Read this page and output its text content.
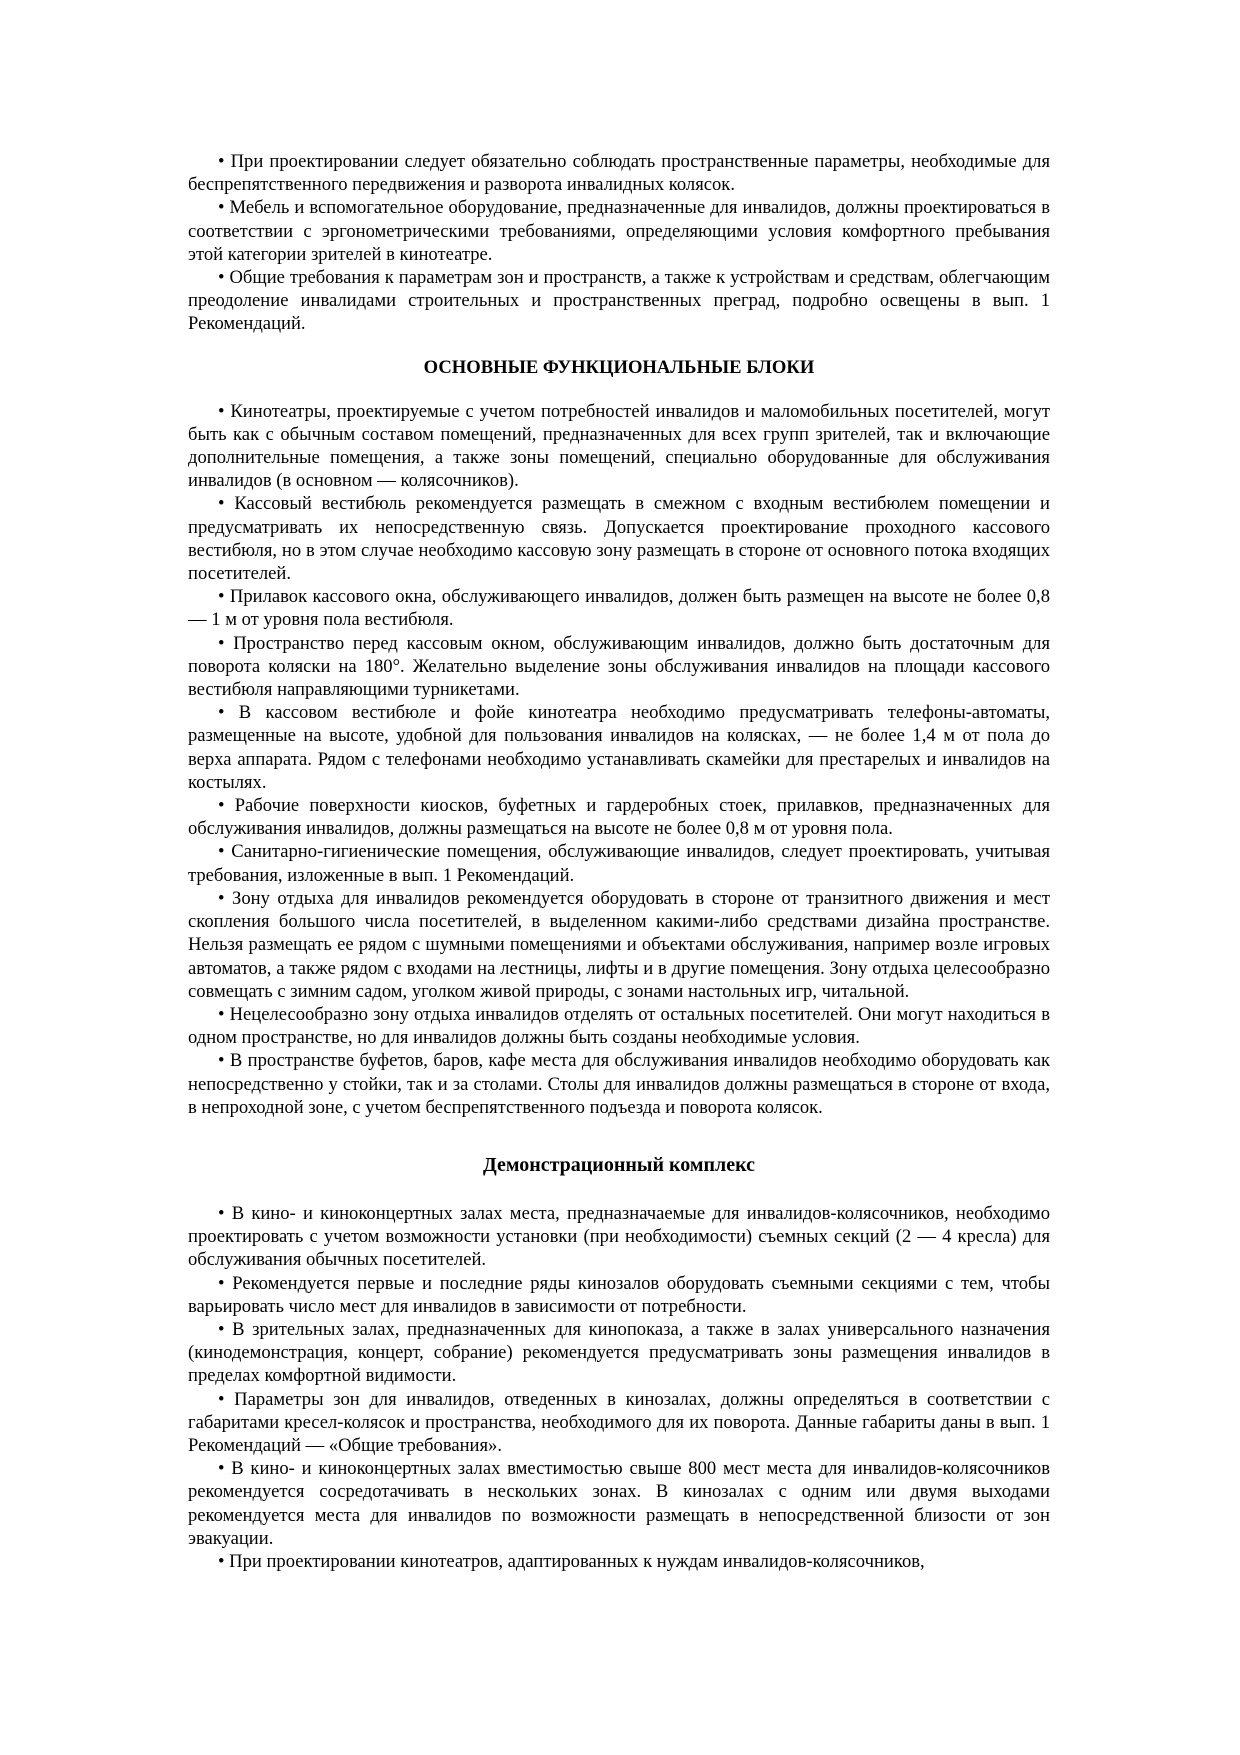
• При проектировании следует обязательно соблюдать пространственные параметры, необходимые для беспрепятственного передвижения и разворота инвалидных колясок.

• Мебель и вспомогательное оборудование, предназначенные для инвалидов, должны проектироваться в соответствии с эргонометрическими требованиями, определяющими условия комфортного пребывания этой категории зрителей в кинотеатре.

• Общие требования к параметрам зон и пространств, а также к устройствам и средствам, облегчающим преодоление инвалидами строительных и пространственных преград, подробно освещены в вып. 1 Рекомендаций.

ОСНОВНЫЕ ФУНКЦИОНАЛЬНЫЕ БЛОКИ

• Кинотеатры, проектируемые с учетом потребностей инвалидов и маломобильных посетителей, могут быть как с обычным составом помещений, предназначенных для всех групп зрителей, так и включающие дополнительные помещения, а также зоны помещений, специально оборудованные для обслуживания инвалидов (в основном — колясочников).

• Кассовый вестибюль рекомендуется размещать в смежном с входным вестибюлем помещении и предусматривать их непосредственную связь. Допускается проектирование проходного кассового вестибюля, но в этом случае необходимо кассовую зону размещать в стороне от основного потока входящих посетителей.

• Прилавок кассового окна, обслуживающего инвалидов, должен быть размещен на высоте не более 0,8 — 1 м от уровня пола вестибюля.

• Пространство перед кассовым окном, обслуживающим инвалидов, должно быть достаточным для поворота коляски на 180°. Желательно выделение зоны обслуживания инвалидов на площади кассового вестибюля направляющими турникетами.

• В кассовом вестибюле и фойе кинотеатра необходимо предусматривать телефоны-автоматы, размещенные на высоте, удобной для пользования инвалидов на колясках, — не более 1,4 м от пола до верха аппарата. Рядом с телефонами необходимо устанавливать скамейки для престарелых и инвалидов на костылях.

• Рабочие поверхности киосков, буфетных и гардеробных стоек, прилавков, предназначенных для обслуживания инвалидов, должны размещаться на высоте не более 0,8 м от уровня пола.

• Санитарно-гигиенические помещения, обслуживающие инвалидов, следует проектировать, учитывая требования, изложенные в вып. 1 Рекомендаций.

• Зону отдыха для инвалидов рекомендуется оборудовать в стороне от транзитного движения и мест скопления большого числа посетителей, в выделенном какими-либо средствами дизайна пространстве. Нельзя размещать ее рядом с шумными помещениями и объектами обслуживания, например возле игровых автоматов, а также рядом с входами на лестницы, лифты и в другие помещения. Зону отдыха целесообразно совмещать с зимним садом, уголком живой природы, с зонами настольных игр, читальной.

• Нецелесообразно зону отдыха инвалидов отделять от остальных посетителей. Они могут находиться в одном пространстве, но для инвалидов должны быть созданы необходимые условия.

• В пространстве буфетов, баров, кафе места для обслуживания инвалидов необходимо оборудовать как непосредственно у стойки, так и за столами. Столы для инвалидов должны размещаться в стороне от входа, в непроходной зоне, с учетом беспрепятственного подъезда и поворота колясок.

Демонстрационный комплекс

• В кино- и киноконцертных залах места, предназначаемые для инвалидов-колясочников, необходимо проектировать с учетом возможности установки (при необходимости) съемных секций (2 — 4 кресла) для обслуживания обычных посетителей.

• Рекомендуется первые и последние ряды кинозалов оборудовать съемными секциями с тем, чтобы варьировать число мест для инвалидов в зависимости от потребности.

• В зрительных залах, предназначенных для кинопоказа, а также в залах универсального назначения (кинодемонстрация, концерт, собрание) рекомендуется предусматривать зоны размещения инвалидов в пределах комфортной видимости.

• Параметры зон для инвалидов, отведенных в кинозалах, должны определяться в соответствии с габаритами кресел-колясок и пространства, необходимого для их поворота. Данные габариты даны в вып. 1 Рекомендаций — «Общие требования».

• В кино- и киноконцертных залах вместимостью свыше 800 мест места для инвалидов-колясочников рекомендуется сосредотачивать в нескольких зонах. В кинозалах с одним или двумя выходами рекомендуется места для инвалидов по возможности размещать в непосредственной близости от зон эвакуации.

• При проектировании кинотеатров, адаптированных к нуждам инвалидов-колясочников,
